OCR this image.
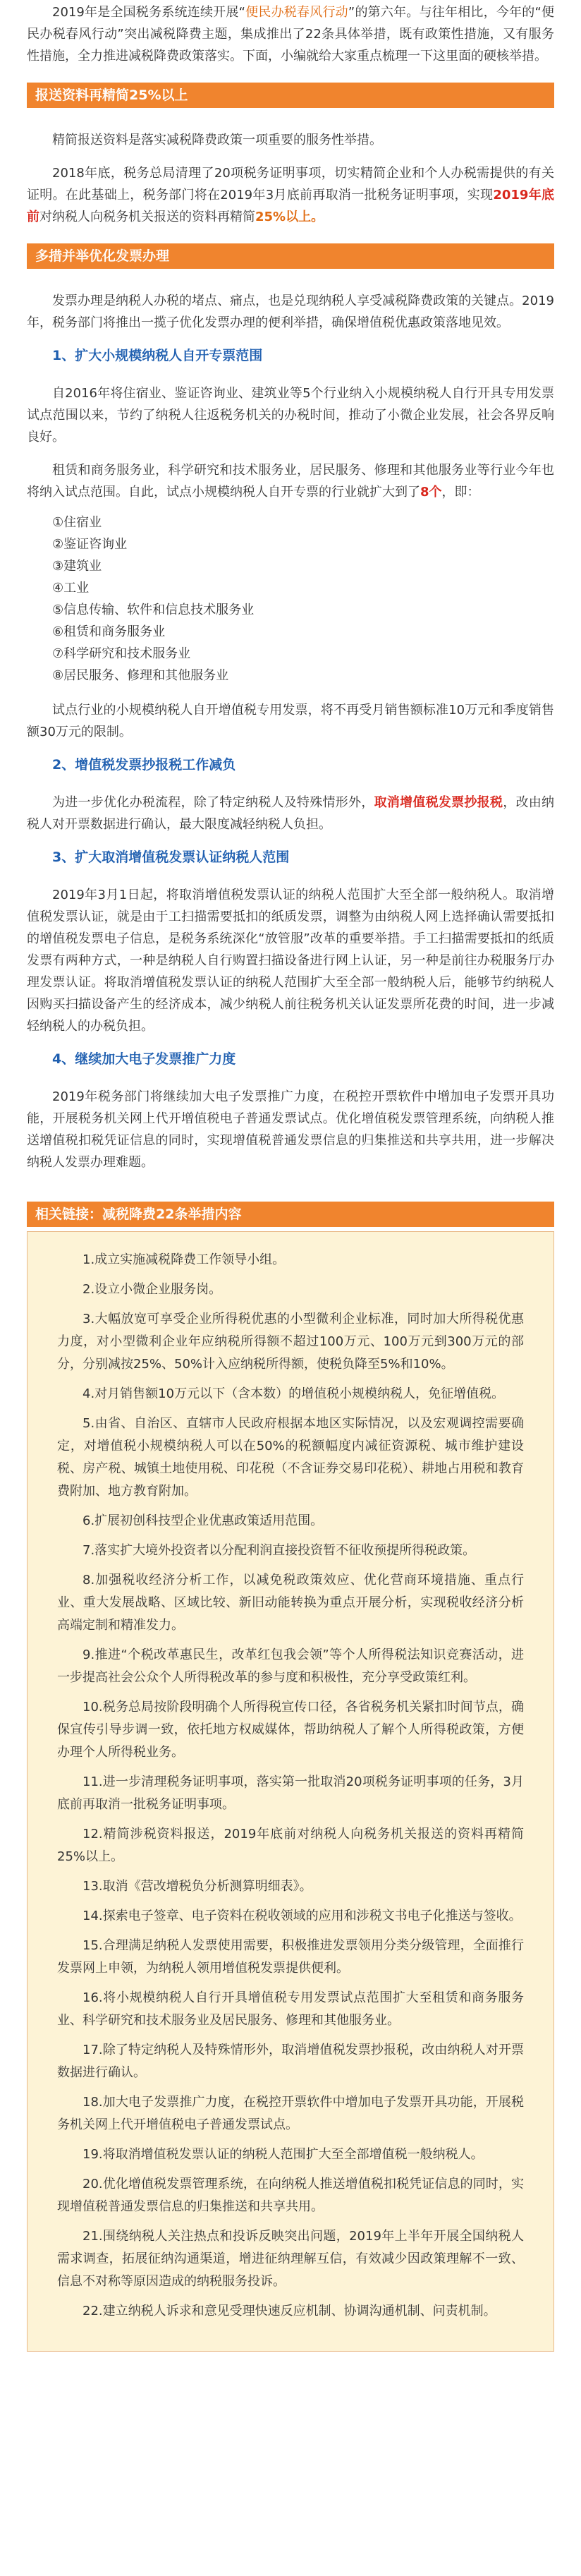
2019年是全国税务系统连续开展“便民办税春风行动”的第六年。与往年相比，今年的“便民办税春风行动”突出减税降费主题，集成推出了22条具体举措，既有政策性措施，又有服务性措施，全力推进减税降费政策落实。下面，小编就给大家重点梳理一下这里面的硬核举措。

报送资料再精简25%以上

精简报送资料是落实减税降费政策一项重要的服务性举措。

2018年底，税务总局清理了20项税务证明事项，切实精简企业和个人办税需提供的有关证明。在此基础上，税务部门将在2019年3月底前再取消一批税务证明事项，实现2019年底前对纳税人向税务机关报送的资料再精简25%以上。

多措并举优化发票办理

发票办理是纳税人办税的堵点、痛点，也是兑现纳税人享受减税降费政策的关键点。2019年，税务部门将推出一揽子优化发票办理的便利举措，确保增值税优惠政策落地见效。

1、扩大小规模纳税人自开专票范围

自2016年将住宿业、鉴证咨询业、建筑业等5个行业纳入小规模纳税人自行开具专用发票试点范围以来，节约了纳税人往返税务机关的办税时间，推动了小微企业发展，社会各界反响良好。

租赁和商务服务业，科学研究和技术服务业，居民服务、修理和其他服务业等行业今年也将纳入试点范围。自此，试点小规模纳税人自开专票的行业就扩大到了8个，即：

①住宿业
②鉴证咨询业
③建筑业
④工业
⑤信息传输、软件和信息技术服务业
⑥租赁和商务服务业
⑦科学研究和技术服务业
⑧居民服务、修理和其他服务业

试点行业的小规模纳税人自开增值税专用发票，将不再受月销售额标准10万元和季度销售额30万元的限制。

2、增值税发票抄报税工作减负

为进一步优化办税流程，除了特定纳税人及特殊情形外，取消增值税发票抄报税，改由纳税人对开票数据进行确认，最大限度减轻纳税人负担。

3、扩大取消增值税发票认证纳税人范围

2019年3月1日起，将取消增值税发票认证的纳税人范围扩大至全部一般纳税人。取消增值税发票认证，就是由于工扫描需要抵扣的纸质发票，调整为由纳税人网上选择确认需要抵扣的增值税发票电子信息，是税务系统深化“放管服”改革的重要举措。手工扫描需要抵扣的纸质发票有两种方式，一种是纳税人自行购置扫描设备进行网上认证，另一种是前往办税服务厅办理发票认证。将取消增值税发票认证的纳税人范围扩大至全部一般纳税人后，能够节约纳税人因购买扫描设备产生的经济成本，减少纳税人前往税务机关认证发票所花费的时间，进一步减轻纳税人的办税负担。

4、继续加大电子发票推广力度

2019年税务部门将继续加大电子发票推广力度，在税控开票软件中增加电子发票开具功能，开展税务机关网上代开增值税电子普通发票试点。优化增值税发票管理系统，向纳税人推送增值税扣税凭证信息的同时，实现增值税普通发票信息的归集推送和共享共用，进一步解决纳税人发票办理难题。

相关链接：减税降费22条举措内容
1.成立实施减税降费工作领导小组。
2.设立小微企业服务岗。
3.大幅放宽可享受企业所得税优惠的小型微利企业标准，同时加大所得税优惠力度，对小型微利企业年应纳税所得额不超过100万元、100万元到300万元的部分，分别减按25%、50%计入应纳税所得额，使税负降至5%和10%。
4.对月销售额10万元以下（含本数）的增值税小规模纳税人，免征增值税。
5.由省、自治区、直辖市人民政府根据本地区实际情况，以及宏观调控需要确定，对增值税小规模纳税人可以在50%的税额幅度内减征资源税、城市维护建设税、房产税、城镇土地使用税、印花税（不含证券交易印花税）、耕地占用税和教育费附加、地方教育附加。
6.扩展初创科技型企业优惠政策适用范围。
7.落实扩大境外投资者以分配利润直接投资暂不征收预提所得税政策。
8.加强税收经济分析工作，以减免税政策效应、优化营商环境措施、重点行业、重大发展战略、区域比较、新旧动能转换为重点开展分析，实现税收经济分析高端定制和精准发力。
9.推进“个税改革惠民生，改革红包我会领”等个人所得税法知识竞赛活动，进一步提高社会公众个人所得税改革的参与度和积极性，充分享受政策红利。
10.税务总局按阶段明确个人所得税宣传口径，各省税务机关紧扣时间节点，确保宣传引导步调一致，依托地方权威媒体，帮助纳税人了解个人所得税政策，方便办理个人所得税业务。
11.进一步清理税务证明事项，落实第一批取消20项税务证明事项的任务，3月底前再取消一批税务证明事项。
12.精简涉税资料报送，2019年底前对纳税人向税务机关报送的资料再精简25%以上。
13.取消《营改增税负分析测算明细表》。
14.探索电子签章、电子资料在税收领域的应用和涉税文书电子化推送与签收。
15.合理满足纳税人发票使用需要，积极推进发票领用分类分级管理，全面推行发票网上申领，为纳税人领用增值税发票提供便利。
16.将小规模纳税人自行开具增值税专用发票试点范围扩大至租赁和商务服务业、科学研究和技术服务业及居民服务、修理和其他服务业。
17.除了特定纳税人及特殊情形外，取消增值税发票抄报税，改由纳税人对开票数据进行确认。
18.加大电子发票推广力度，在税控开票软件中增加电子发票开具功能，开展税务机关网上代开增值税电子普通发票试点。
19.将取消增值税发票认证的纳税人范围扩大至全部增值税一般纳税人。
20.优化增值税发票管理系统，在向纳税人推送增值税扣税凭证信息的同时，实现增值税普通发票信息的归集推送和共享共用。
21.围绕纳税人关注热点和投诉反映突出问题，2019年上半年开展全国纳税人需求调查，拓展征纳沟通渠道，增进征纳理解互信，有效减少因政策理解不一致、信息不对称等原因造成的纳税服务投诉。
22.建立纳税人诉求和意见受理快速反应机制、协调沟通机制、问责机制。
